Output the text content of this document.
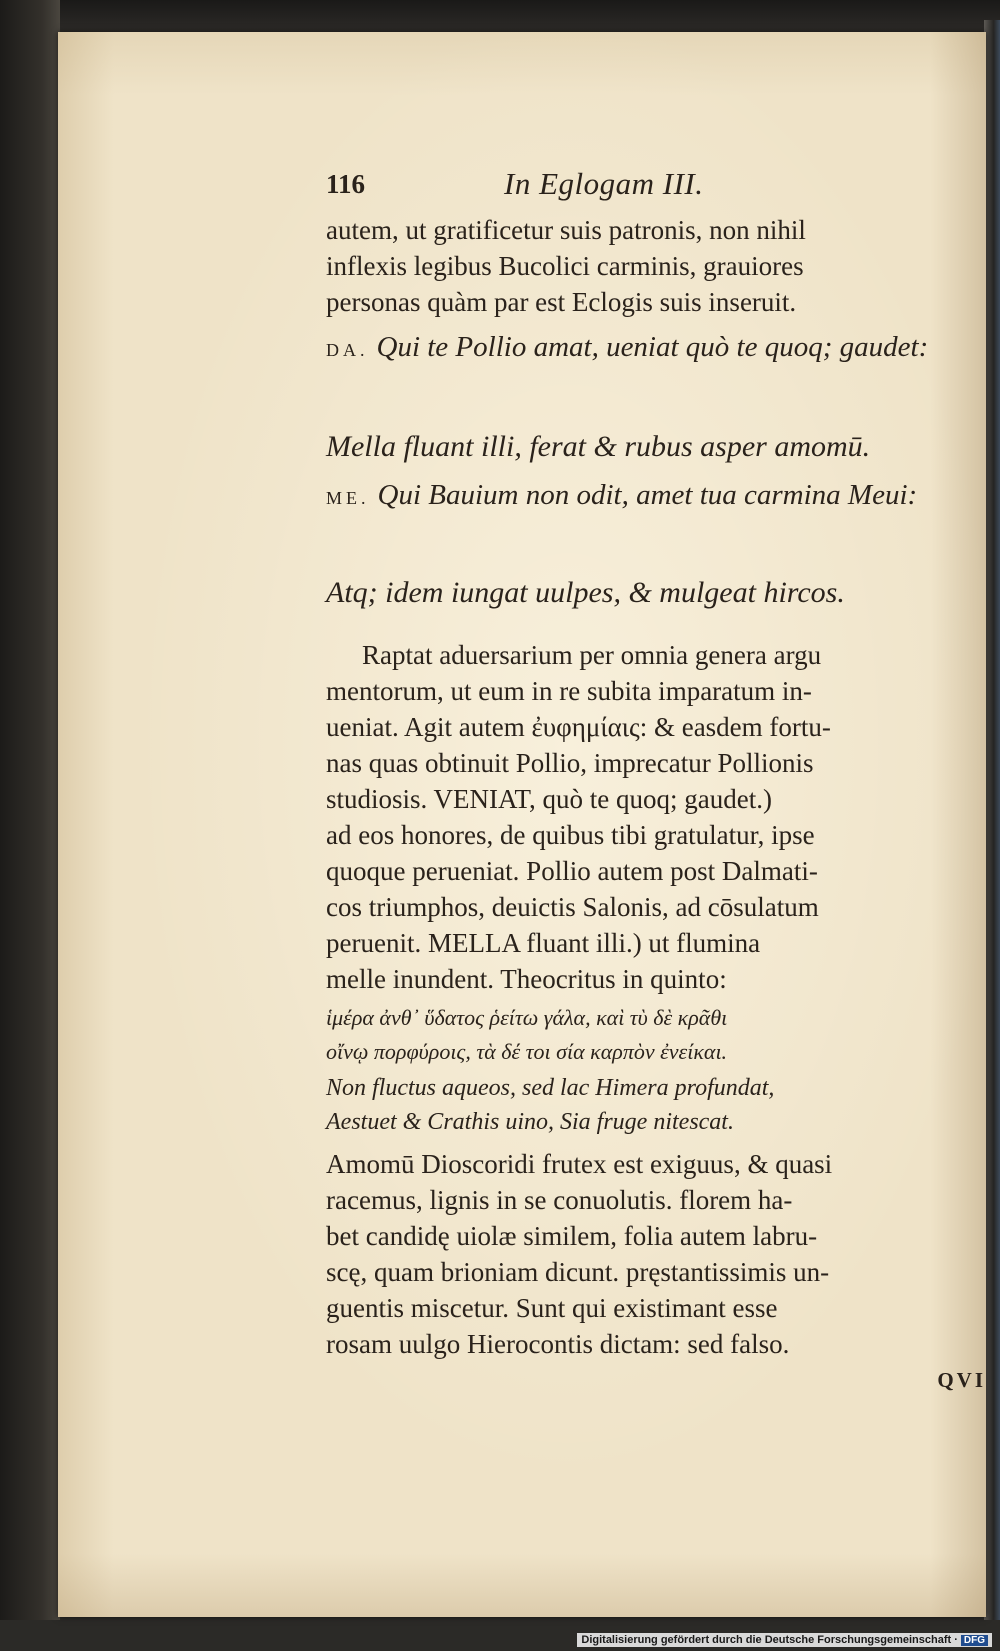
116	In Eglogam III.
autem, ut gratificetur suis patronis, non nihil
inflexis legibus Bucolici carminis, grauiores
personas quàm par est Eclogis suis inseruit.
DA. Qui te Pollio amat, ueniat quò te quoq; gaudet:
Mella fluant illi, ferat & rubus asper amomū.
ME. Qui Bauium non odit, amet tua carmina Meui:
Atq; idem iungat uulpes, & mulgeat hircos.
Raptat aduersarium per omnia genera argu
mentorum, ut eum in re subita imparatum in-
ueniat. Agit autem ἐυφημίαις: & easdem fortu-
nas quas obtinuit Pollio, imprecatur Pollionis
studiosis. VENIAT, quò te quoq; gaudet.)
ad eos honores, de quibus tibi gratulatur, ipse
quoque perueniat. Pollio autem post Dalmati-
cos triumphos, deuictis Salonis, ad cōsulatum
peruenit. MELLA fluant illi.) ut flumina
melle inundent. Theocritus in quinto:
ἱμέρα ἀνθ᾽ ὕδατος ῥείτω γάλα, καὶ τὺ δὲ κρᾶθι
οἴνῳ πορφύροις, τὰ δέ τοι σία καρπὸν ἐνείκαι.
Non fluctus aqueos, sed lac Himera profundat,
Aestuet & Crathis uino, Sia fruge nitescat.
Amomū Dioscoridi frutex est exiguus, & quasi
racemus, lignis in se conuolutis. florem ha-
bet candidę uiolæ similem, folia autem labru-
scę, quam brioniam dicunt. pręstantissimis un-
guentis miscetur. Sunt qui existimant esse
rosam uulgo Hierocontis dictam: sed falso.
QVI
Digitalisierung gefördert durch die Deutsche Forschungsgemeinschaft · DFG
